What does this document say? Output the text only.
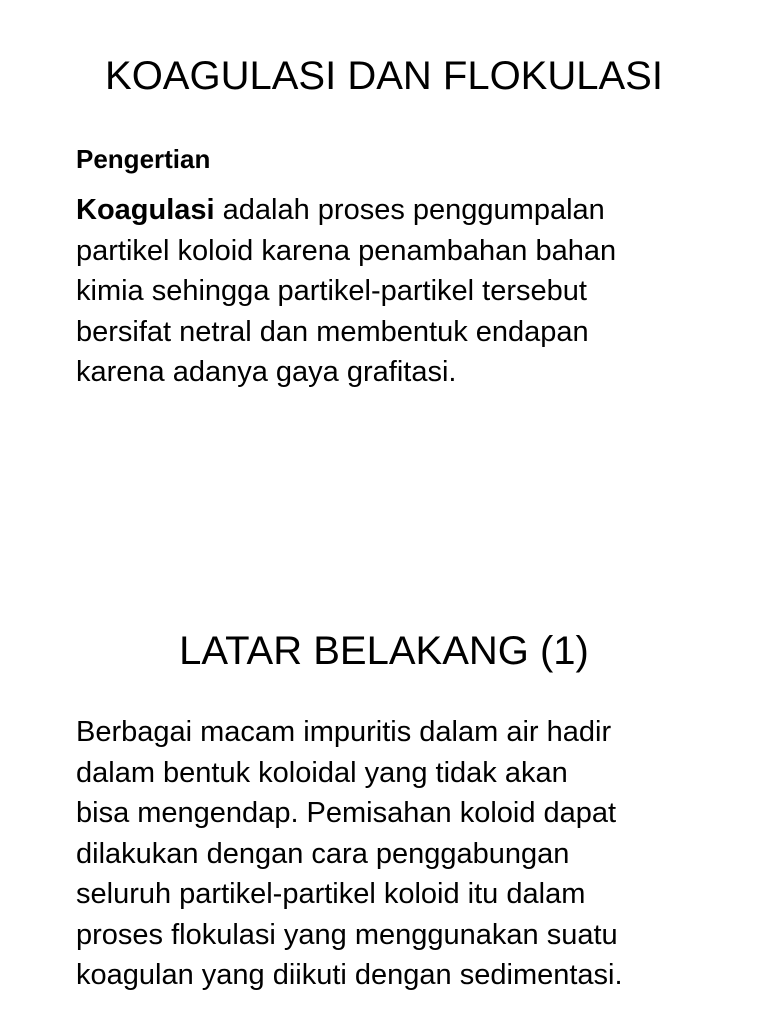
KOAGULASI DAN FLOKULASI
Pengertian

Koagulasi adalah proses penggumpalan
partikel koloid karena penambahan bahan
kimia sehingga partikel-partikel tersebut
bersifat netral dan membentuk endapan
karena adanya gaya grafitasi.

LATAR BELAKANG (1)

Berbagai macam impuritis dalam air hadir
dalam bentuk koloidal yang tidak akan
bisa mengendap. Pemisahan koloid dapat
dilakukan dengan cara penggabungan
seluruh partikel-partikel koloid itu dalam
proses flokulasi yang menggunakan suatu
koagulan yang diikuti dengan sedimentasi.
